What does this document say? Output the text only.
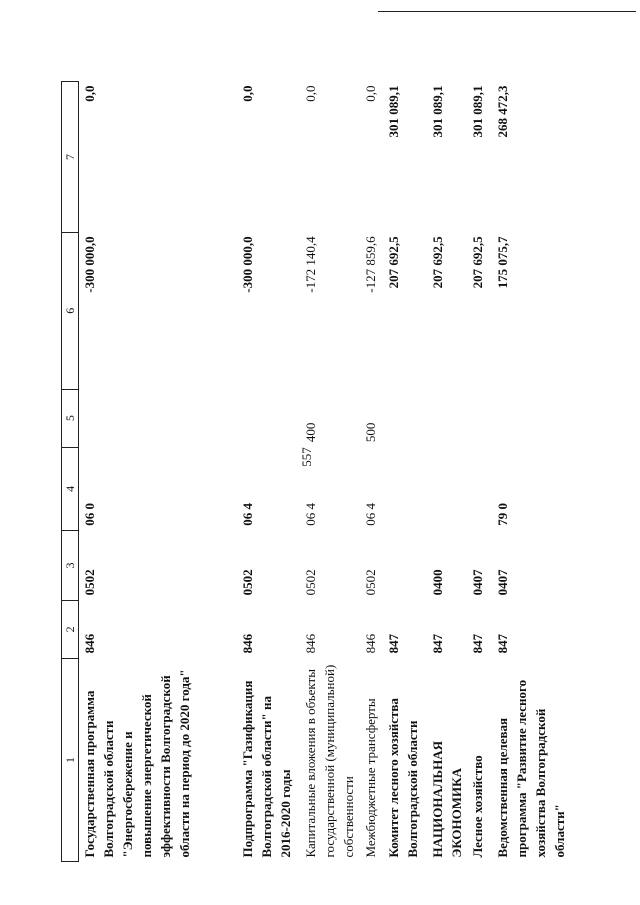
557
1	2	3	4	5	6	7
Государственная программа Волгоградской области "Энергосбережение и повышение энергетической эффективности Волгоградской области на период до 2020 года"	846	0502	06 0		-300 000,0	0,0
Подпрограмма "Газификация Волгоградской области" на 2016-2020 годы	846	0502	06 4		-300 000,0	0,0
Капитальные вложения в объекты государственной (муниципальной) собственности	846	0502	06 4	400	-172 140,4	0,0
Межбюджетные трансферты	846	0502	06 4	500	-127 859,6	0,0
Комитет лесного хозяйства Волгоградской области	847				207 692,5	301 089,1
НАЦИОНАЛЬНАЯ ЭКОНОМИКА	847	0400			207 692,5	301 089,1
Лесное хозяйство	847	0407			207 692,5	301 089,1
Ведомственная целевая программа "Развитие лесного хозяйства Волгоградской области"	847	0407	79 0		175 075,7	268 472,3
